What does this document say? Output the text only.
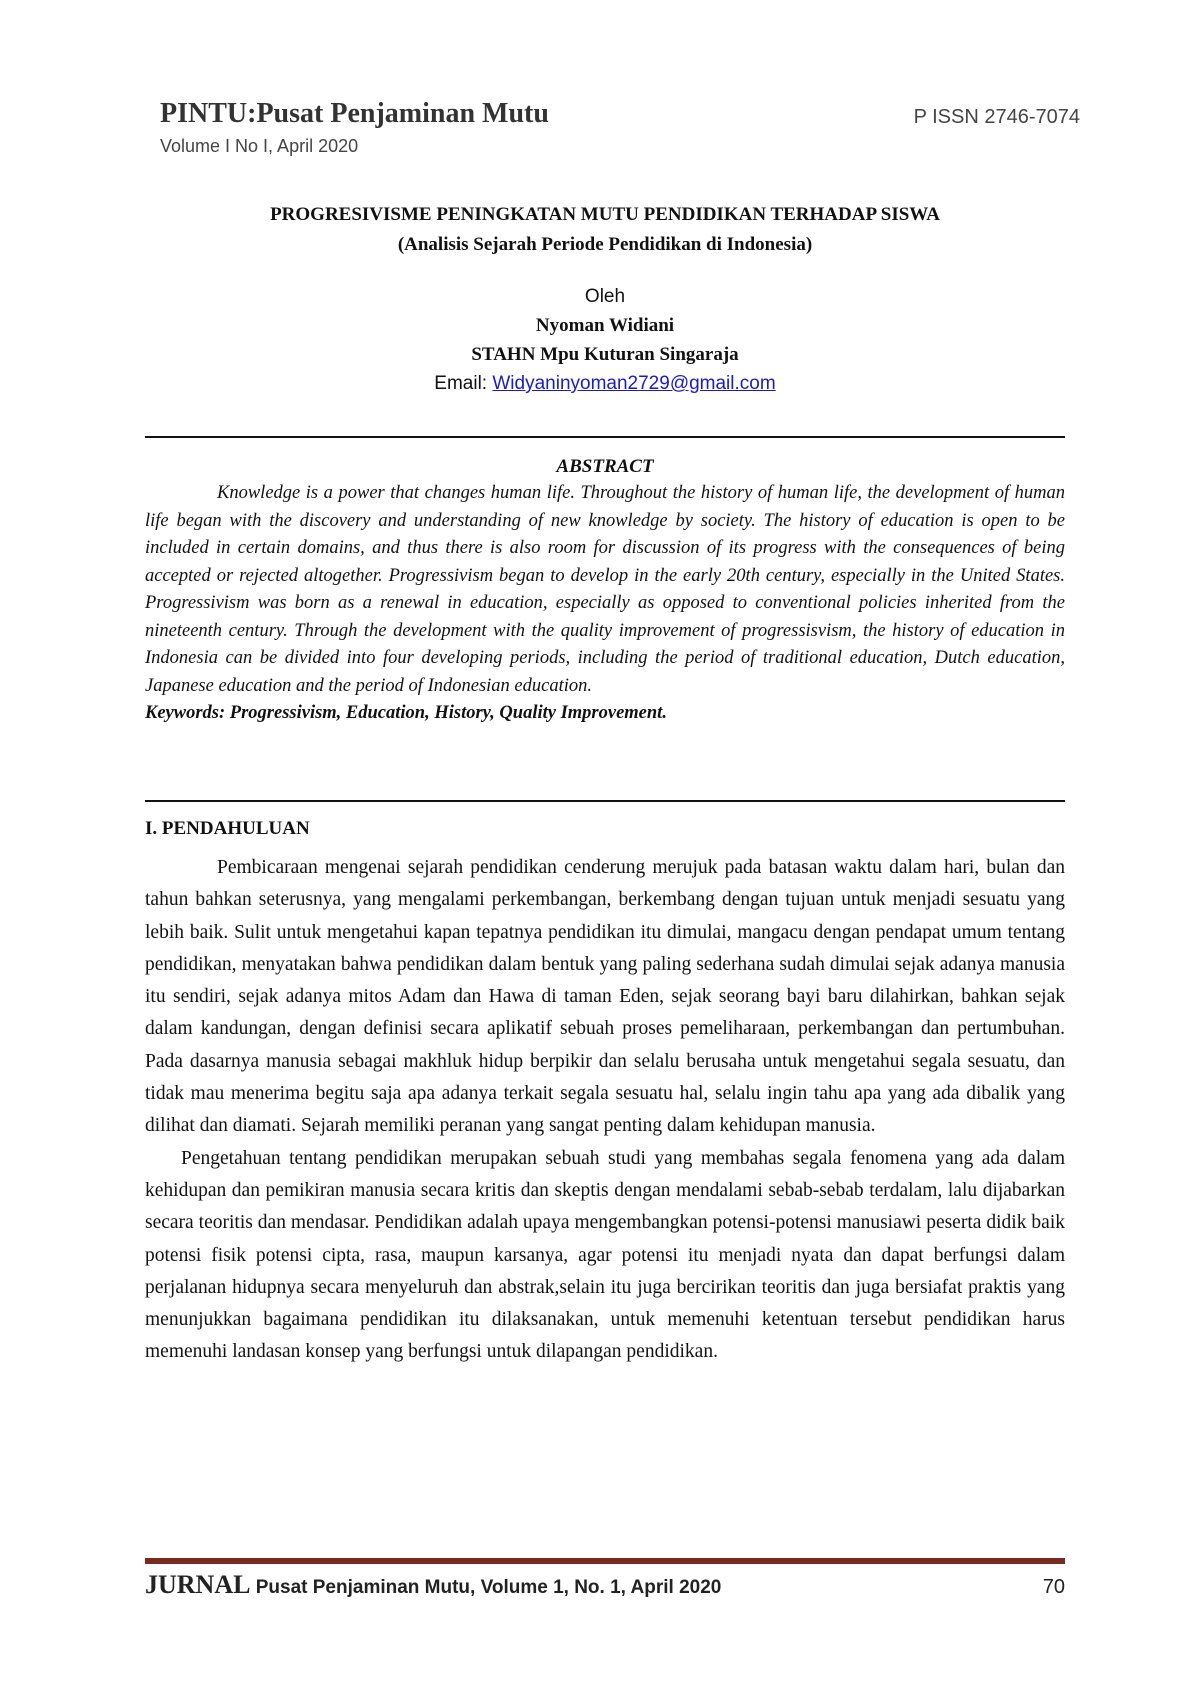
PINTU:Pusat Penjaminan Mutu	P ISSN 2746-7074
Volume I No I, April 2020
PROGRESIVISME PENINGKATAN MUTU PENDIDIKAN TERHADAP SISWA
(Analisis Sejarah Periode Pendidikan di Indonesia)
Oleh
Nyoman Widiani
STAHN Mpu Kuturan Singaraja
Email: Widyaninyoman2729@gmail.com
ABSTRACT
Knowledge is a power that changes human life. Throughout the history of human life, the development of human life began with the discovery and understanding of new knowledge by society. The history of education is open to be included in certain domains, and thus there is also room for discussion of its progress with the consequences of being accepted or rejected altogether. Progressivism began to develop in the early 20th century, especially in the United States. Progressivism was born as a renewal in education, especially as opposed to conventional policies inherited from the nineteenth century. Through the development with the quality improvement of progressisvism, the history of education in Indonesia can be divided into four developing periods, including the period of traditional education, Dutch education, Japanese education and the period of Indonesian education.
Keywords: Progressivism, Education, History, Quality Improvement.
I. PENDAHULUAN

Pembicaraan mengenai sejarah pendidikan cenderung merujuk pada batasan waktu dalam hari, bulan dan tahun bahkan seterusnya, yang mengalami perkembangan, berkembang dengan tujuan untuk menjadi sesuatu yang lebih baik. Sulit untuk mengetahui kapan tepatnya pendidikan itu dimulai, mangacu dengan pendapat umum tentang pendidikan, menyatakan bahwa pendidikan dalam bentuk yang paling sederhana sudah dimulai sejak adanya manusia itu sendiri, sejak adanya mitos Adam dan Hawa di taman Eden, sejak seorang bayi baru dilahirkan, bahkan sejak dalam kandungan, dengan definisi secara aplikatif sebuah proses pemeliharaan, perkembangan dan pertumbuhan. Pada dasarnya manusia sebagai makhluk hidup berpikir dan selalu berusaha untuk mengetahui segala sesuatu, dan tidak mau menerima begitu saja apa adanya terkait segala sesuatu hal, selalu ingin tahu apa yang ada dibalik yang dilihat dan diamati. Sejarah memiliki peranan yang sangat penting dalam kehidupan manusia.

Pengetahuan tentang pendidikan merupakan sebuah studi yang membahas segala fenomena yang ada dalam kehidupan dan pemikiran manusia secara kritis dan skeptis dengan mendalami sebab-sebab terdalam, lalu dijabarkan secara teoritis dan mendasar. Pendidikan adalah upaya mengembangkan potensi-potensi manusiawi peserta didik baik potensi fisik potensi cipta, rasa, maupun karsanya, agar potensi itu menjadi nyata dan dapat berfungsi dalam perjalanan hidupnya secara menyeluruh dan abstrak,selain itu juga bercirikan teoritis dan juga bersiafat praktis yang menunjukkan bagaimana pendidikan itu dilaksanakan, untuk memenuhi ketentuan tersebut pendidikan harus memenuhi landasan konsep yang berfungsi untuk dilapangan pendidikan.

JURNAL Pusat Penjaminan Mutu, Volume 1, No. 1, April 2020	70
